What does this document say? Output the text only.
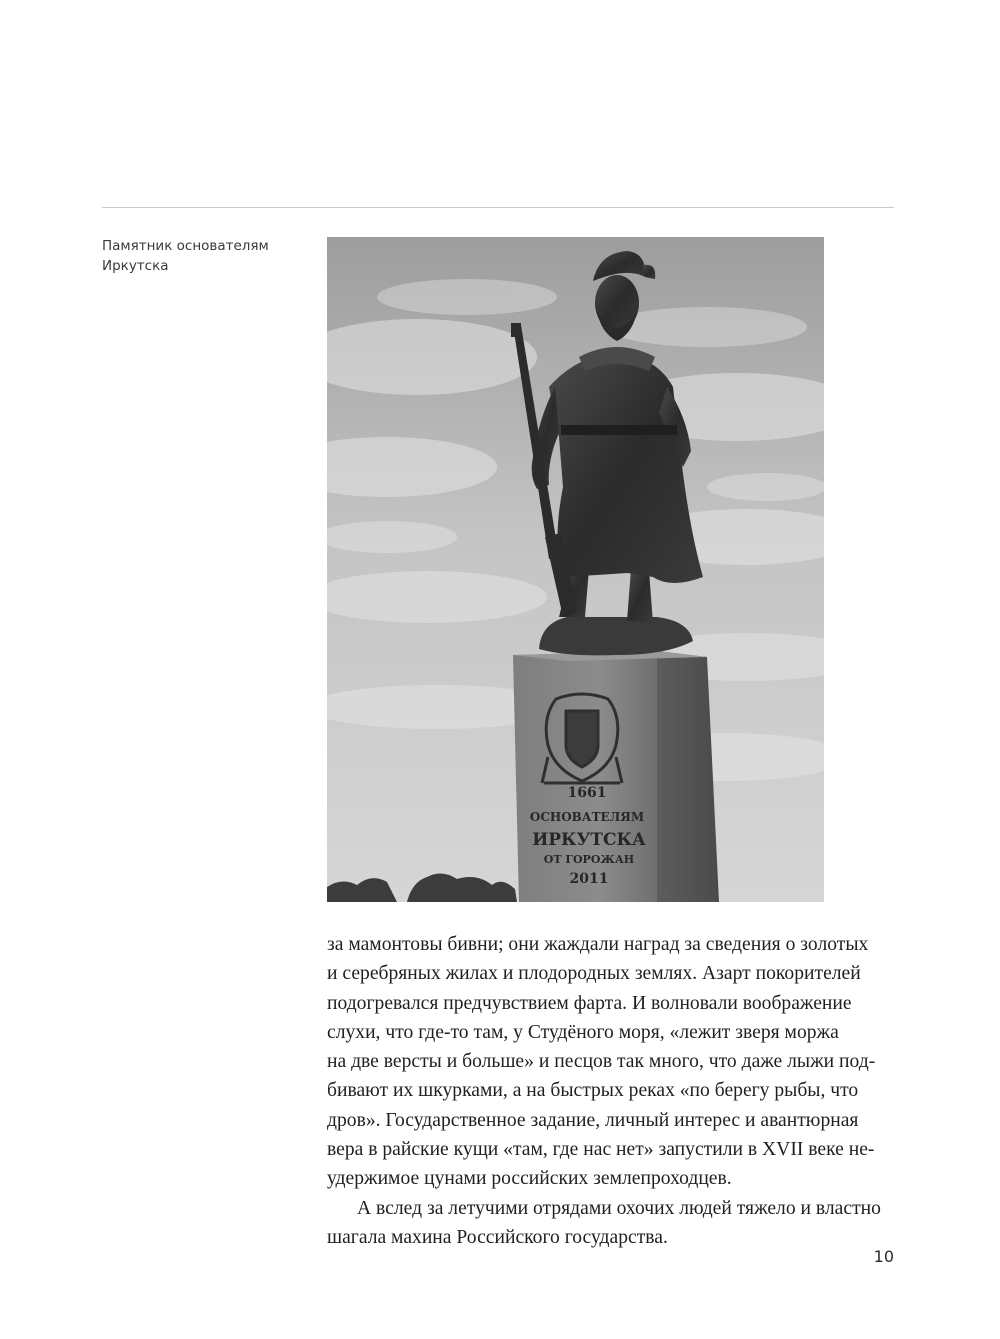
Памятник основателям
Иркутска
1661
ОСНОВАТЕЛЯМ
ИРКУТСКА
ОТ ГОРОЖАН
2011
за мамонтовы бивни; они жаждали наград за сведения о золотых
и серебряных жилах и плодородных землях. Азарт покорителей
подогревался предчувствием фарта. И волновали воображение
слухи, что где-то там, у Студёного моря, «лежит зверя моржа
на две версты и больше» и песцов так много, что даже лыжи под-
бивают их шкурками, а на быстрых реках «по берегу рыбы, что
дров». Государственное задание, личный интерес и авантюрная
вера в райские кущи «там, где нас нет» запустили в XVII веке не-
удержимое цунами российских землепроходцев.
А вслед за летучими отрядами охочих людей тяжело и властно
шагала махина Российского государства.
10
